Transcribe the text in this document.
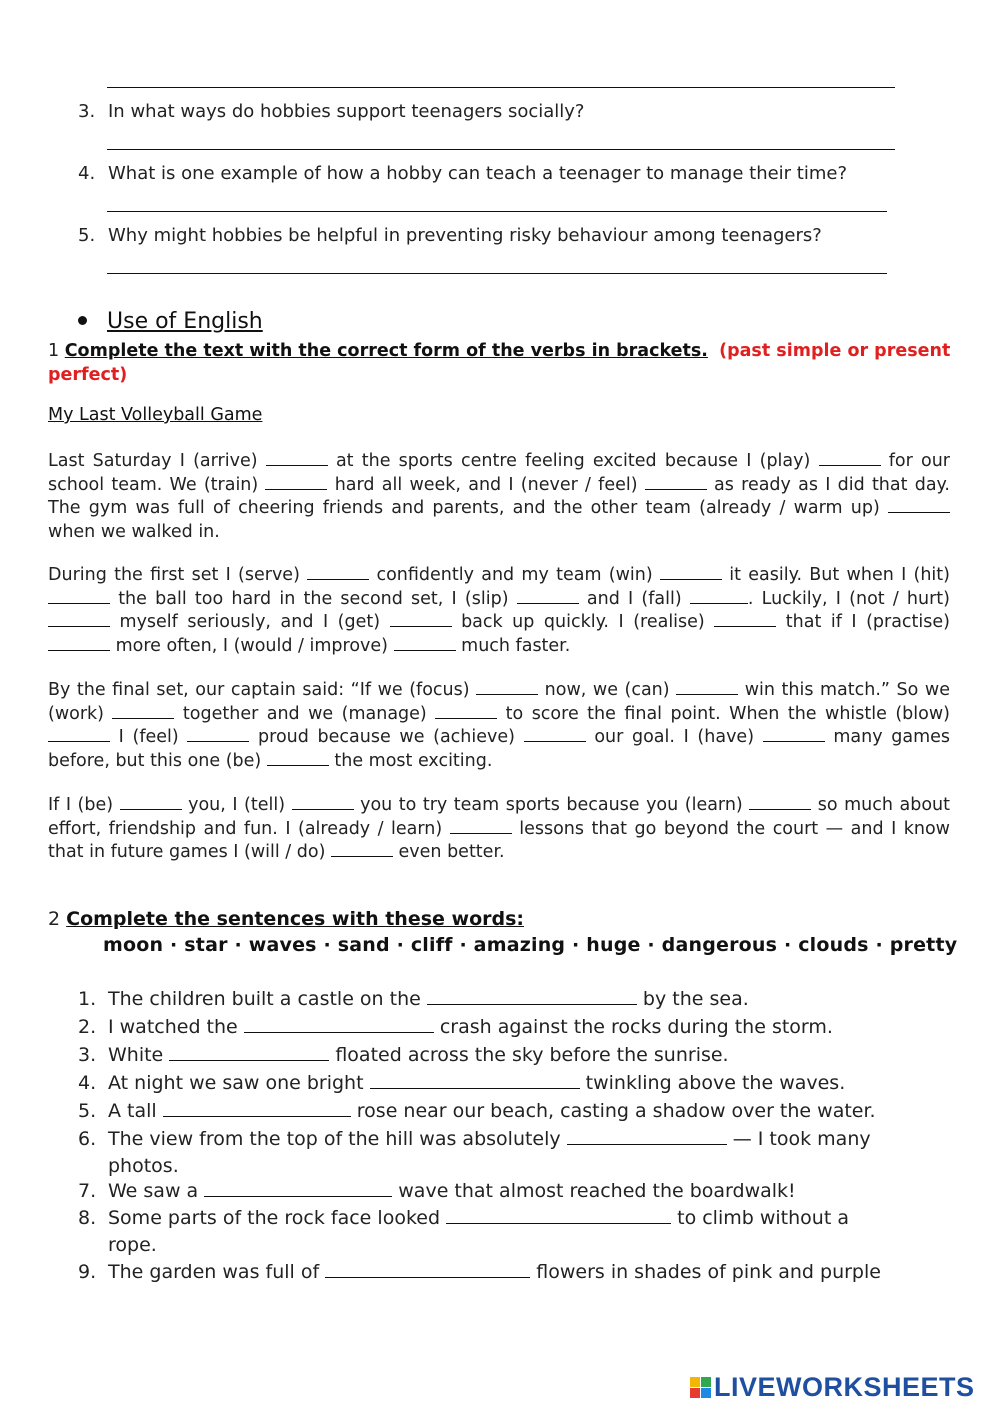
3. In what ways do hobbies support teenagers socially?
4. What is one example of how a hobby can teach a teenager to manage their time?
5. Why might hobbies be helpful in preventing risky behaviour among teenagers?
Use of English
1 Complete the text with the correct form of the verbs in brackets. (past simple or present perfect)
My Last Volleyball Game
Last Saturday I (arrive)	at the sports centre feeling excited because I (play)	for our school team. We (train)	hard all week, and I (never / feel)	as ready as I did that day. The gym was full of cheering friends and parents, and the other team (already / warm up)  when we walked in.
During the first set I (serve)	confidently and my team (win)	it easily. But when I (hit)  the ball too hard in the second set, I (slip)	and I (fall)	. Luckily, I (not / hurt)  myself seriously, and I (get)	back up quickly. I (realise)	that if I (practise)  more often, I (would / improve)	much faster.
By the final set, our captain said: “If we (focus)	now, we (can)	win this match.” So we (work)	together and we (manage)	to score the final point. When the whistle (blow)  I (feel)	proud because we (achieve)	our goal. I (have)	many games before, but this one (be)	the most exciting.
If I (be)	you, I (tell)	you to try team sports because you (learn)	so much about effort, friendship and fun. I (already / learn)	lessons that go beyond the court — and I know that in future games I (will / do)	even better.
2 Complete the sentences with these words:
moon · star · waves · sand · cliff · amazing · huge · dangerous · clouds · pretty
1. The children built a castle on the	by the sea.
2. I watched the	crash against the rocks during the storm.
3. White	floated across the sky before the sunrise.
4. At night we saw one bright	twinkling above the waves.
5. A tall	rose near our beach, casting a shadow over the water.
6. The view from the top of the hill was absolutely	— I took many
photos.
7. We saw a	wave that almost reached the boardwalk!
8. Some parts of the rock face looked	to climb without a
rope.
9. The garden was full of	flowers in shades of pink and purple
LIVEWORKSHEETS
